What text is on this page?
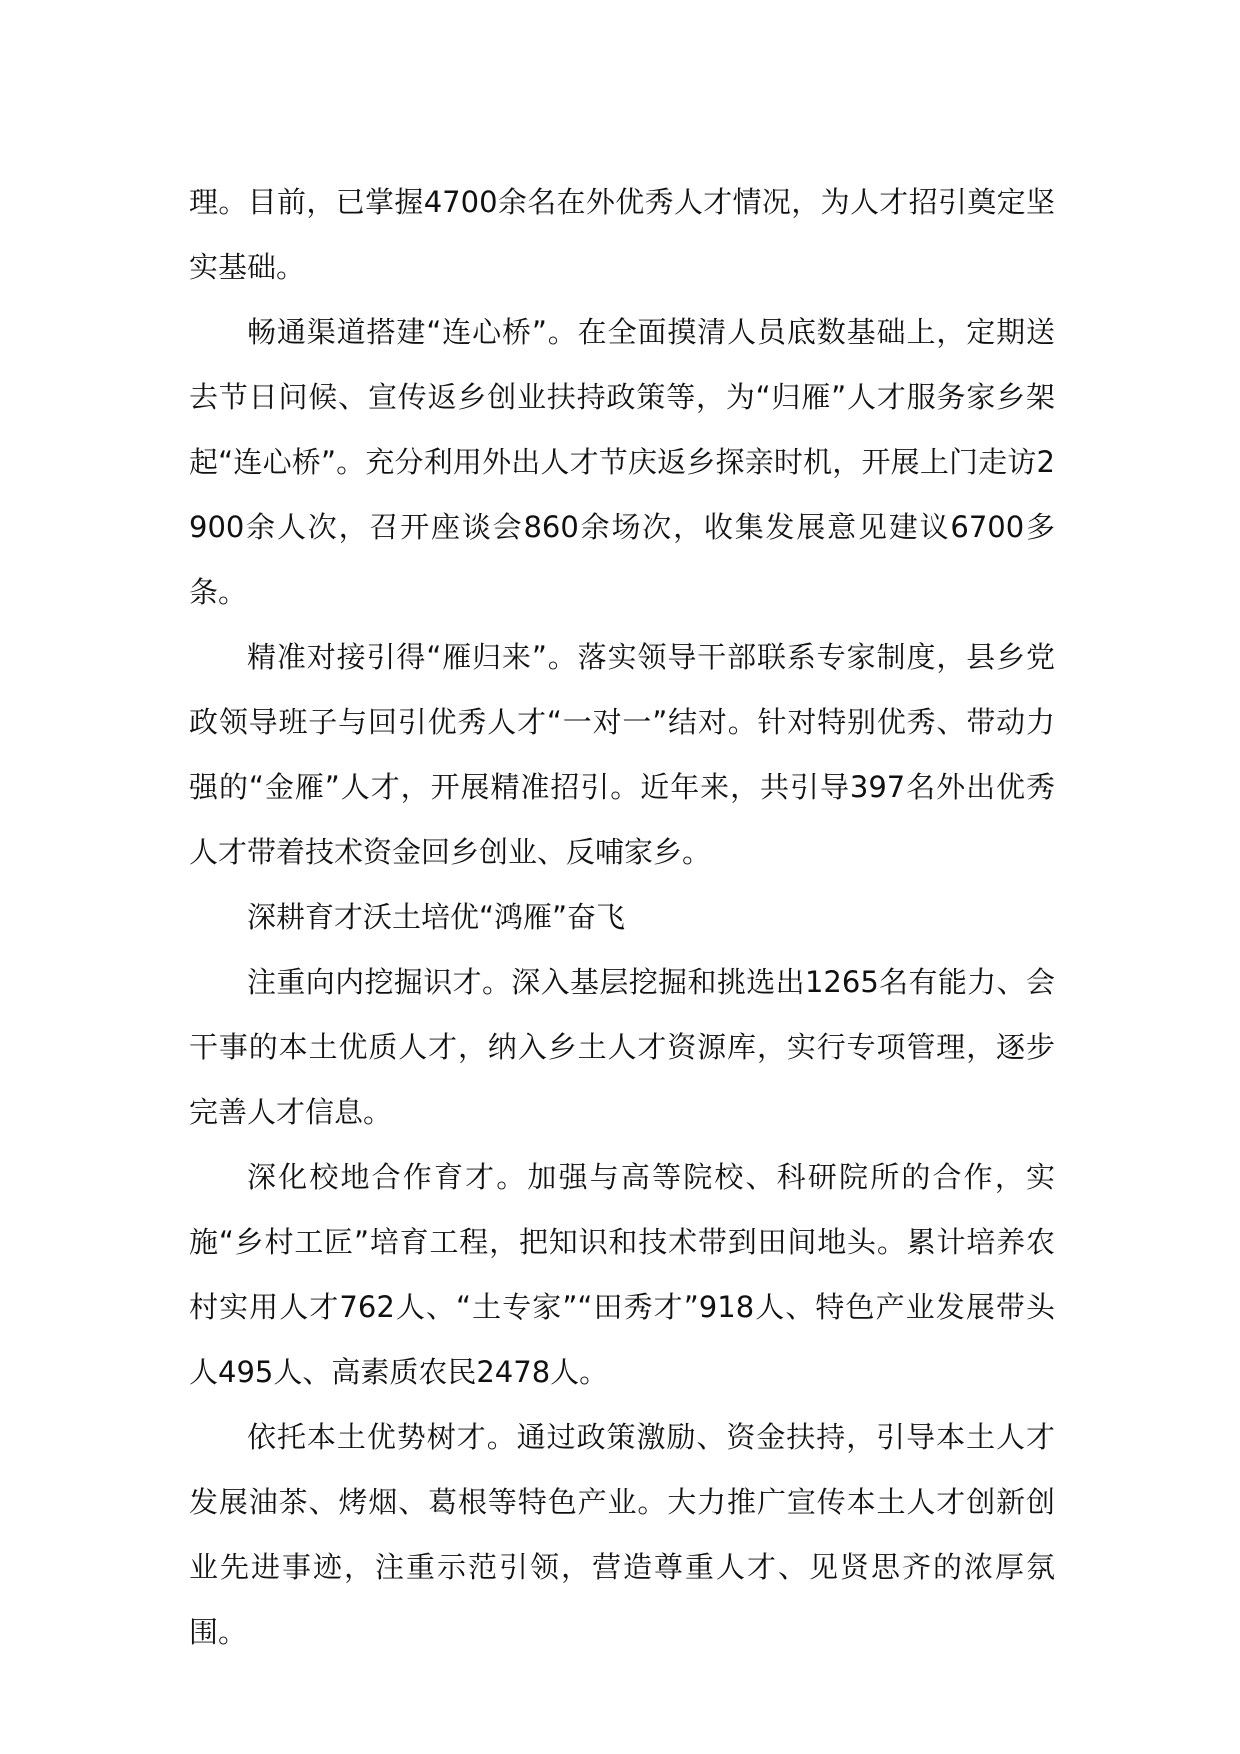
理。目前，已掌握4700余名在外优秀人才情况，为人才招引奠定坚实基础。

畅通渠道搭建“连心桥”。在全面摸清人员底数基础上，定期送去节日问候、宣传返乡创业扶持政策等，为“归雁”人才服务家乡架起“连心桥”。充分利用外出人才节庆返乡探亲时机，开展上门走访2900余人次，召开座谈会860余场次，收集发展意见建议6700多条。

精准对接引得“雁归来”。落实领导干部联系专家制度，县乡党政领导班子与回引优秀人才“一对一”结对。针对特别优秀、带动力强的“金雁”人才，开展精准招引。近年来，共引导397名外出优秀人才带着技术资金回乡创业、反哺家乡。

深耕育才沃土培优“鸿雁”奋飞

注重向内挖掘识才。深入基层挖掘和挑选出1265名有能力、会干事的本土优质人才，纳入乡土人才资源库，实行专项管理，逐步完善人才信息。

深化校地合作育才。加强与高等院校、科研院所的合作，实施“乡村工匠”培育工程，把知识和技术带到田间地头。累计培养农村实用人才762人、“土专家”“田秀才”918人、特色产业发展带头人495人、高素质农民2478人。

依托本土优势树才。通过政策激励、资金扶持，引导本土人才发展油茶、烤烟、葛根等特色产业。大力推广宣传本土人才创新创业先进事迹，注重示范引领，营造尊重人才、见贤思齐的浓厚氛围。
